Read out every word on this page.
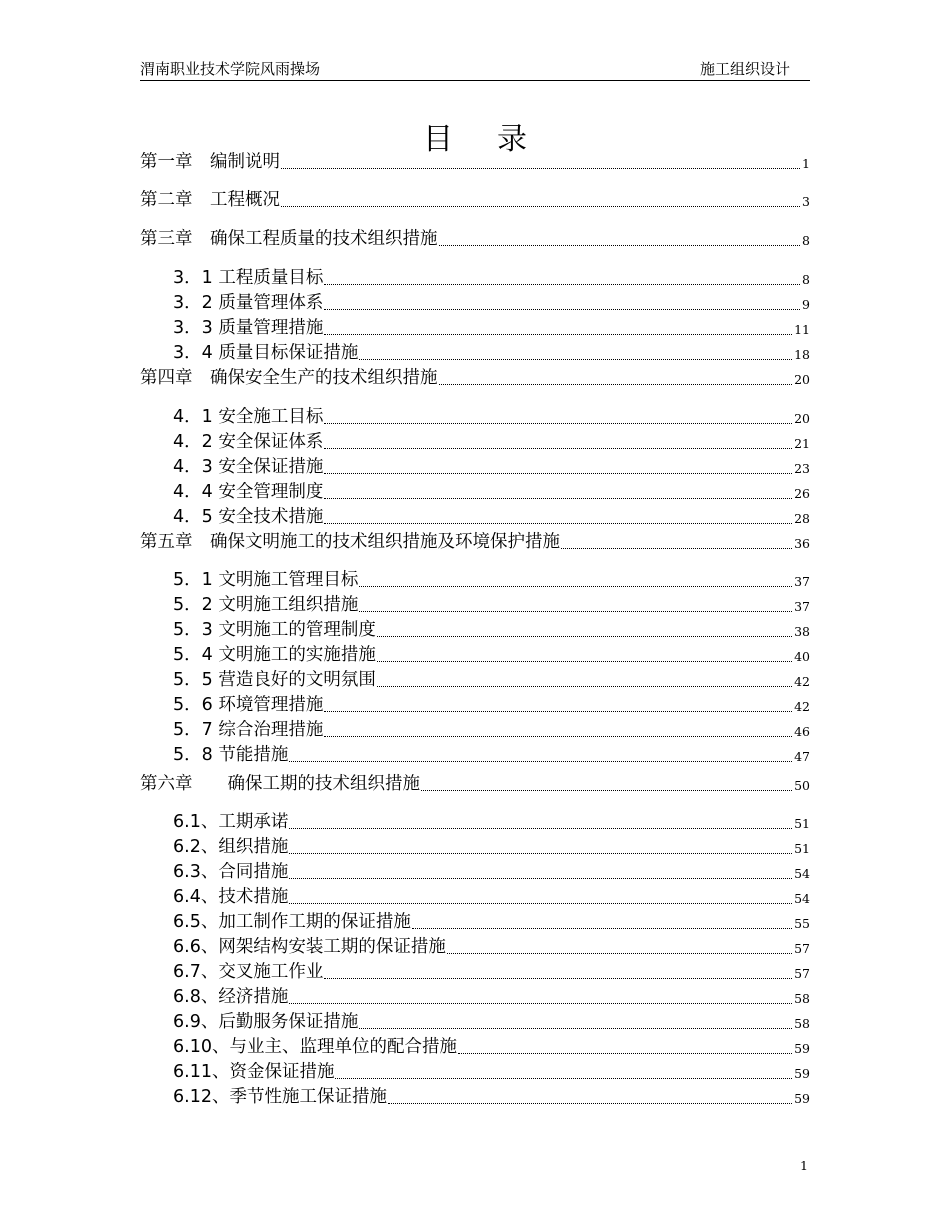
渭南职业技术学院风雨操场	施工组织设计
目 录
第一章　编制说明	1
第二章　工程概况	3
第三章　确保工程质量的技术组织措施	8
3．1 工程质量目标	8
3．2 质量管理体系	9
3．3 质量管理措施	11
3．4 质量目标保证措施	18
第四章　确保安全生产的技术组织措施	20
4．1 安全施工目标	20
4．2 安全保证体系	21
4．3 安全保证措施	23
4．4 安全管理制度	26
4．5 安全技术措施	28
第五章　确保文明施工的技术组织措施及环境保护措施	36
5．1 文明施工管理目标	37
5．2 文明施工组织措施	37
5．3 文明施工的管理制度	38
5．4 文明施工的实施措施	40
5．5 营造良好的文明氛围	42
5．6 环境管理措施	42
5．7 综合治理措施	46
5．8 节能措施	47
第六章　　确保工期的技术组织措施	50
6.1、工期承诺	51
6.2、组织措施	51
6.3、合同措施	54
6.4、技术措施	54
6.5、加工制作工期的保证措施	55
6.6、网架结构安装工期的保证措施	57
6.7、交叉施工作业	57
6.8、经济措施	58
6.9、后勤服务保证措施	58
6.10、与业主、监理单位的配合措施	59
6.11、资金保证措施	59
6.12、季节性施工保证措施	59
1
